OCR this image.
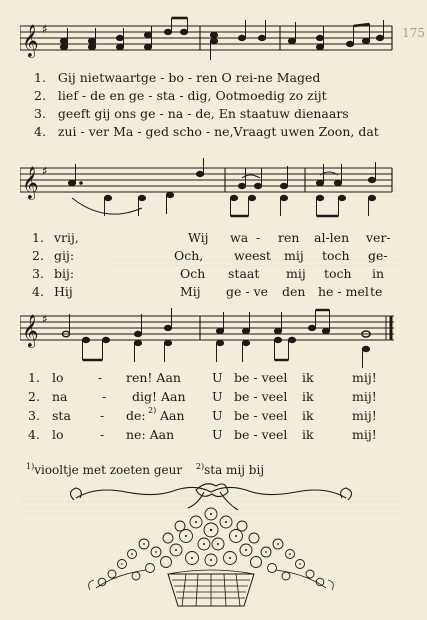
175
𝄞 ♯
1. Gij nietwaartge - bo - ren O rei-ne Maged
2. lief - de en ge - sta - dig, Ootmoedig zo zijt
3. geeft gij ons ge - na - de, En staatuw dienaars
4. zui - ver Ma - ged scho - ne,Vraagt uwen Zoon, dat
𝄞 ♯
1. vrij,	Wij wa - ren al-len ver-
2. gij:	Och, weest mij toch ge-
3. bij:	Och staat mij toch in
4. Hij	Mij ge - ve den he - mel te
𝄞 ♯
1. lo	- ren! Aan U be - veel ik	mij!
2. na	- dig! Aan U be - veel ik	mij!
3. sta - de: 2) Aan U be - veel ik	mij!
4. lo	- ne: Aan	U be - veel ik	mij!
$^{1)}$viooltje met zoeten geur $^{2)}$sta mij bij
